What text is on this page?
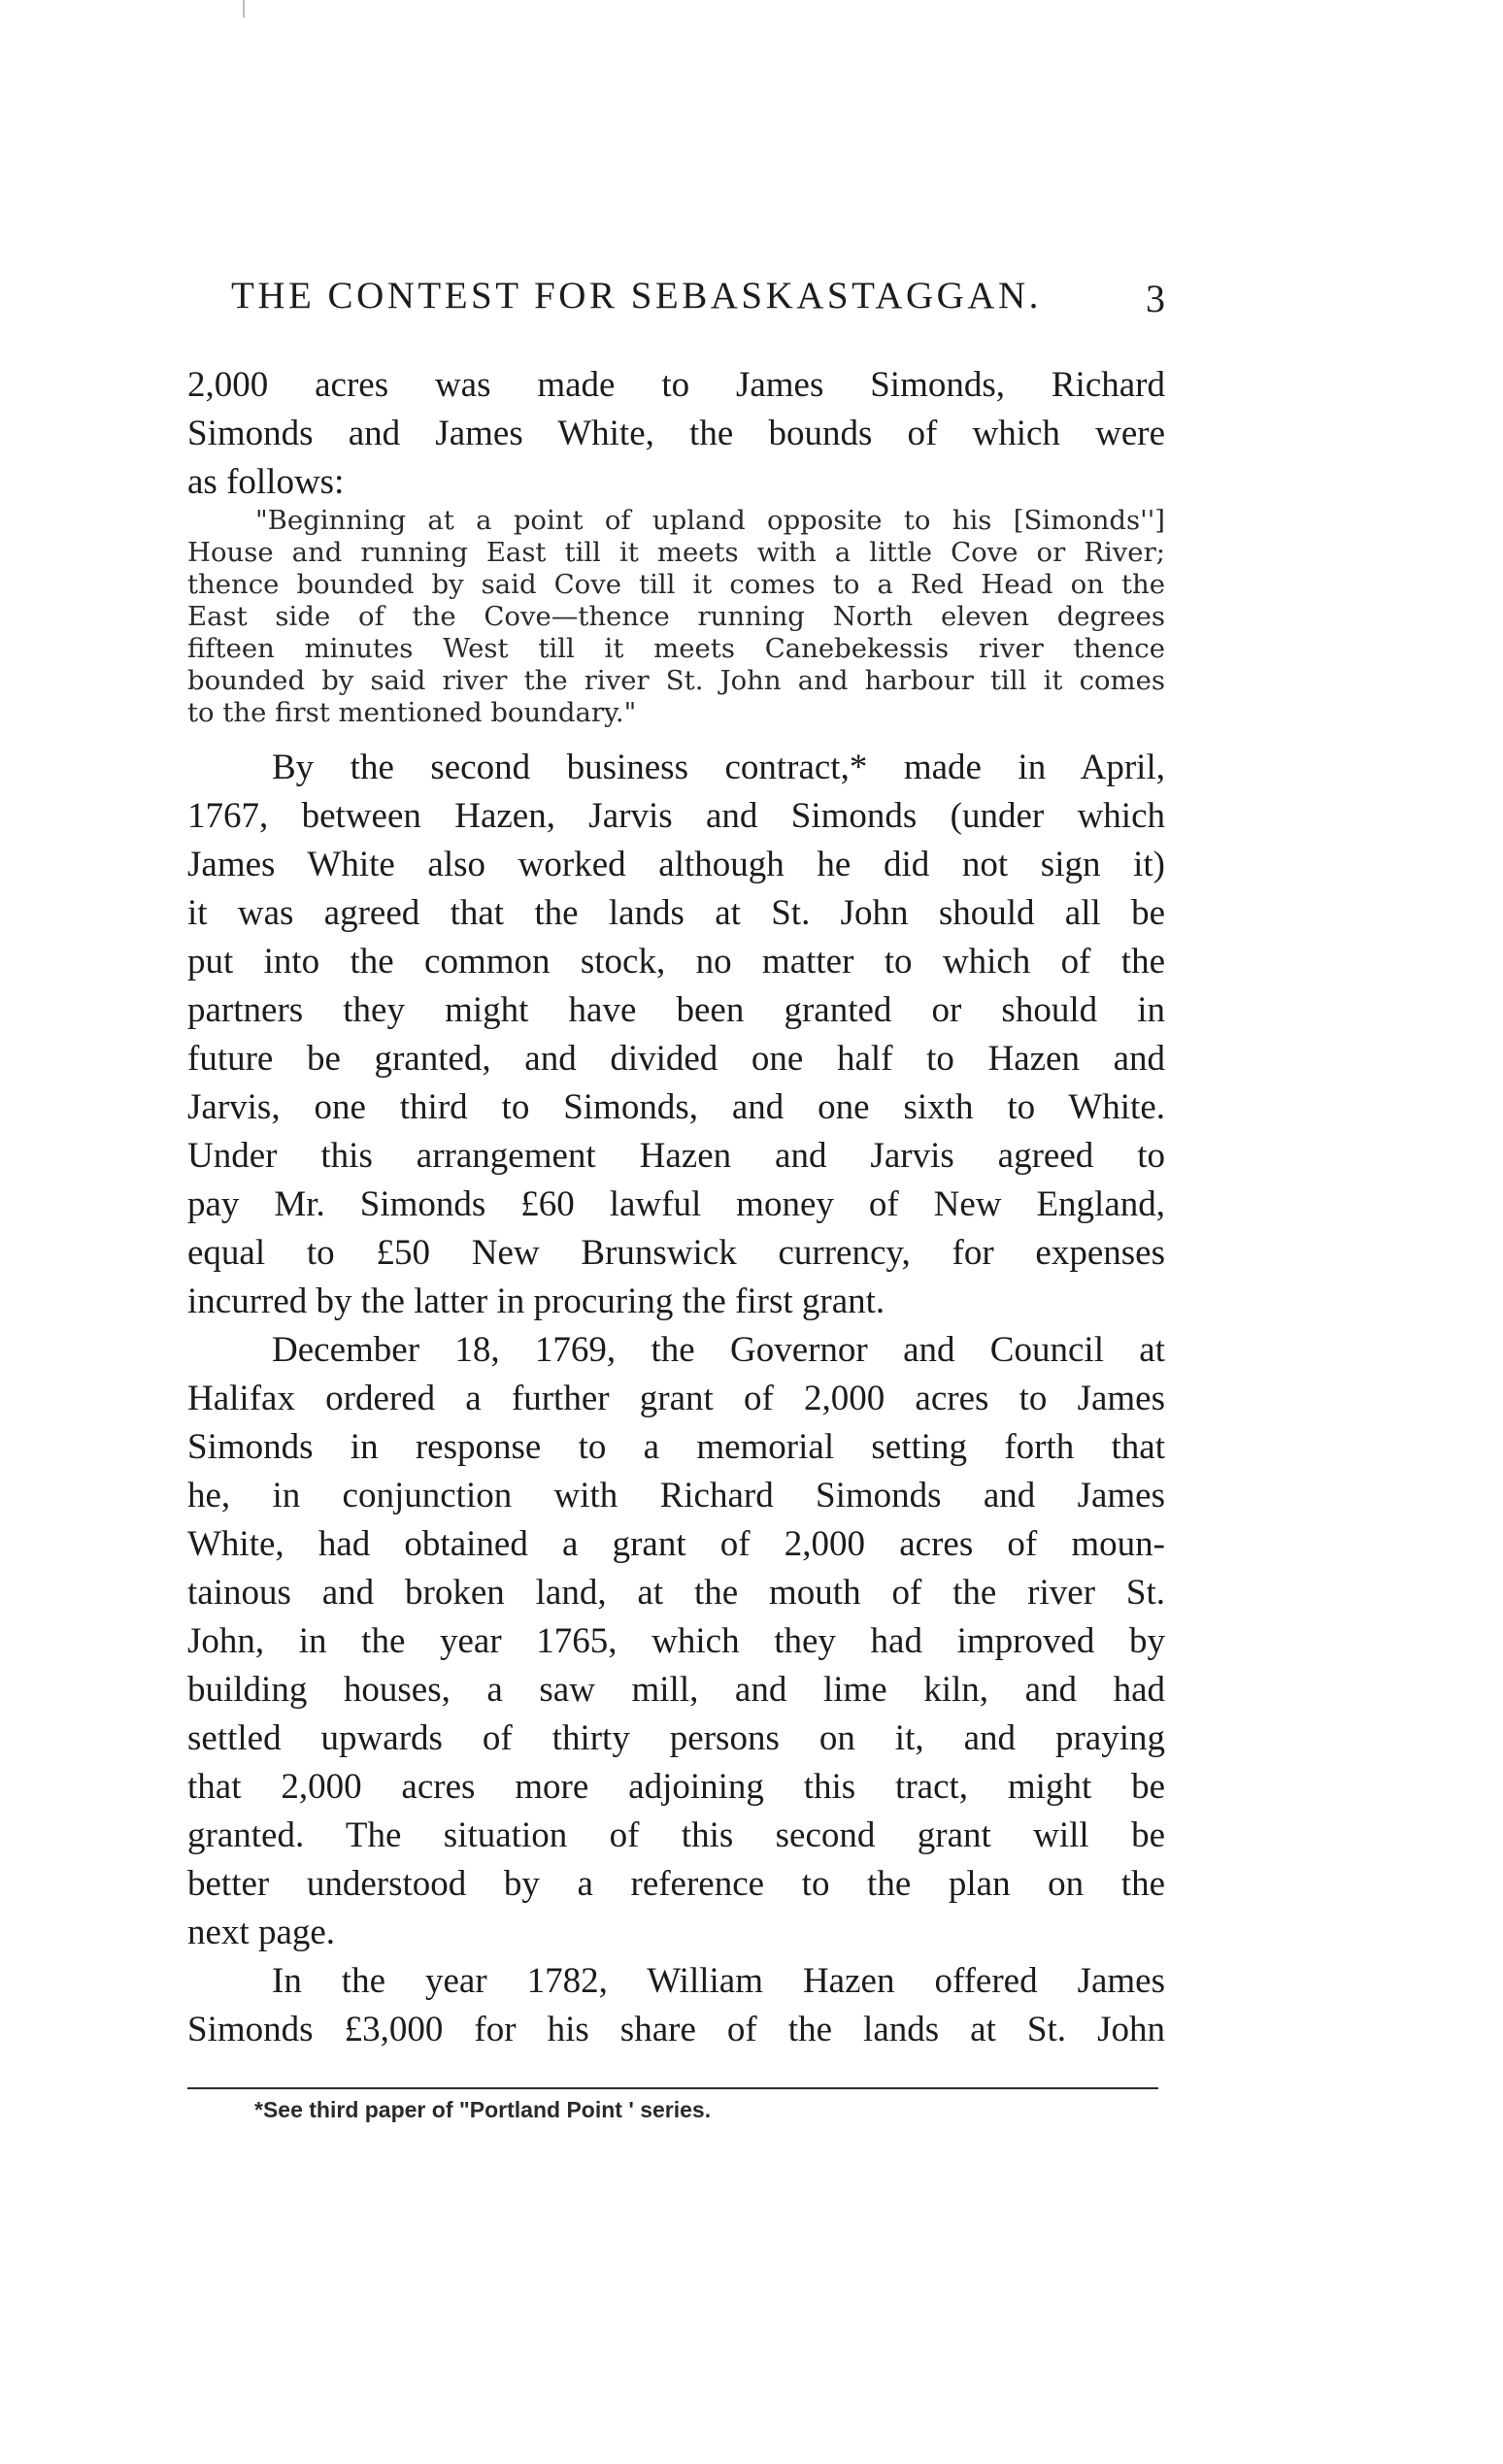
THE CONTEST FOR SEBASKASTAGGAN.	3
2,000 acres was made to James Simonds, Richard
Simonds and James White, the bounds of which were
as follows:
"Beginning at a point of upland opposite to his [Simonds'']
House and running East till it meets with a little Cove or River;
thence bounded by said Cove till it comes to a Red Head on the
East side of the Cove—thence running North eleven degrees
fifteen minutes West till it meets Canebekessis river thence
bounded by said river the river St. John and harbour till it comes
to the first mentioned boundary."
By the second business contract,* made in April,
1767, between Hazen, Jarvis and Simonds (under which
James White also worked although he did not sign it)
it was agreed that the lands at St. John should all be
put into the common stock, no matter to which of the
partners they might have been granted or should in
future be granted, and divided one half to Hazen and
Jarvis, one third to Simonds, and one sixth to White.
Under this arrangement Hazen and Jarvis agreed to
pay Mr. Simonds £60 lawful money of New England,
equal to £50 New Brunswick currency, for expenses
incurred by the latter in procuring the first grant.
December 18, 1769, the Governor and Council at
Halifax ordered a further grant of 2,000 acres to James
Simonds in response to a memorial setting forth that
he, in conjunction with Richard Simonds and James
White, had obtained a grant of 2,000 acres of moun-
tainous and broken land, at the mouth of the river St.
John, in the year 1765, which they had improved by
building houses, a saw mill, and lime kiln, and had
settled upwards of thirty persons on it, and praying
that 2,000 acres more adjoining this tract, might be
granted. The situation of this second grant will be
better understood by a reference to the plan on the
next page.
In the year 1782, William Hazen offered James
Simonds £3,000 for his share of the lands at St. John
*See third paper of "Portland Point ' series.
